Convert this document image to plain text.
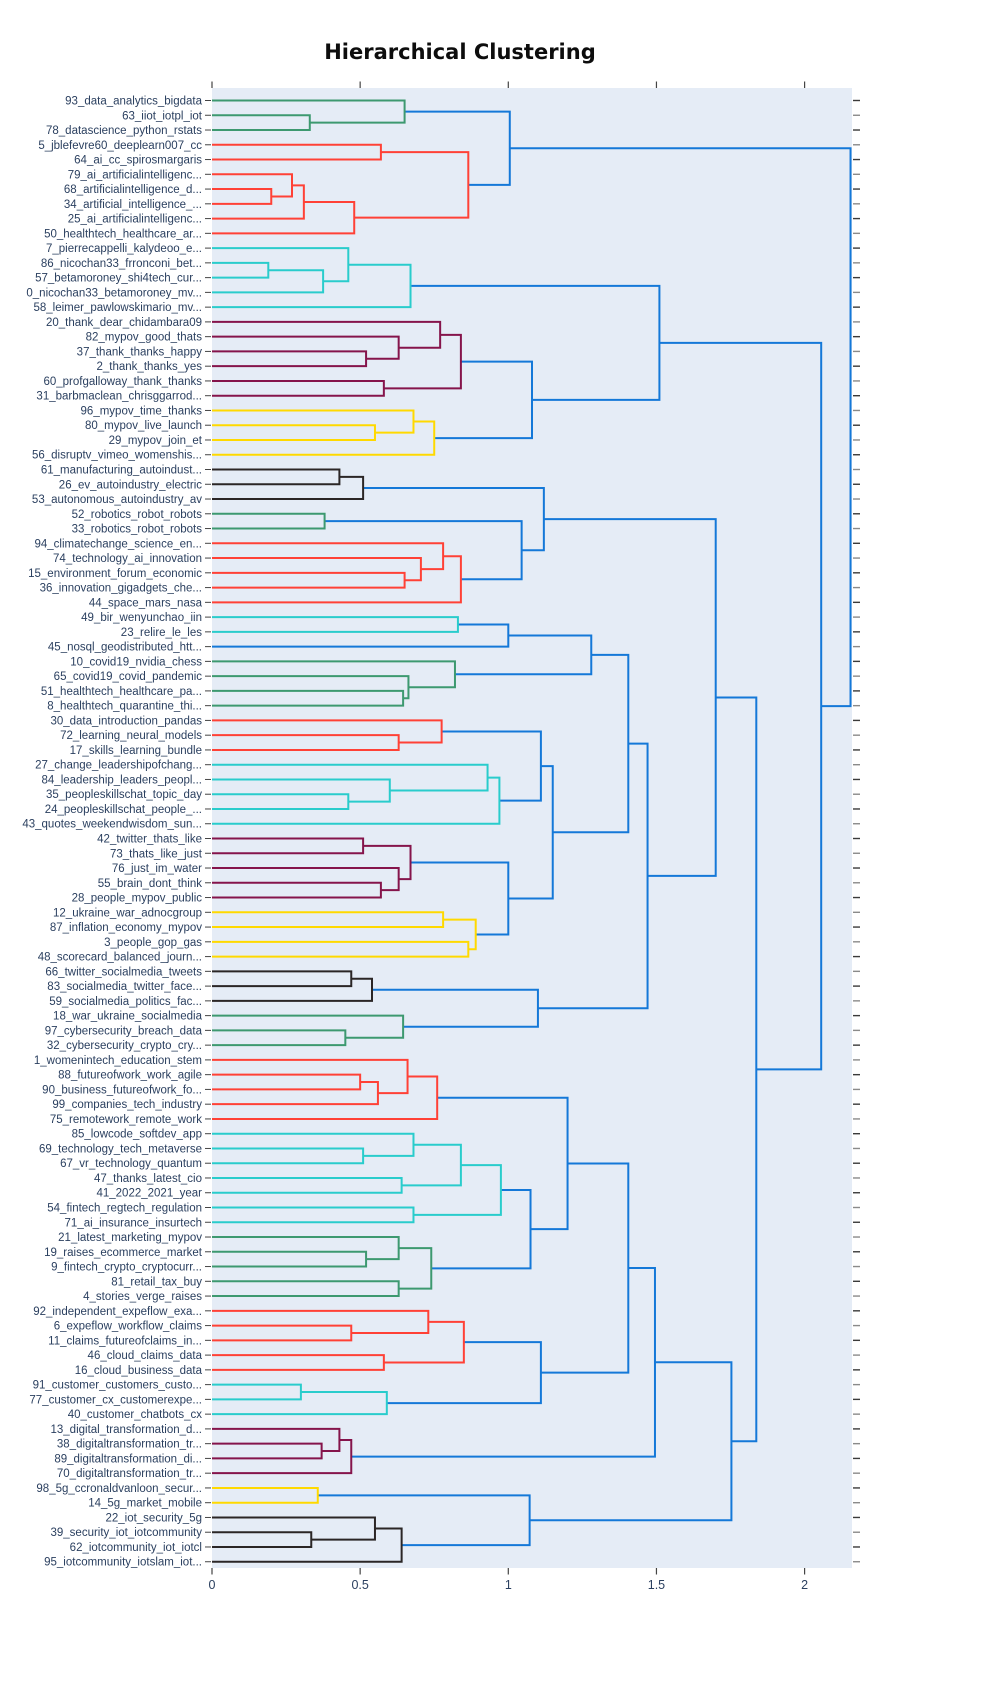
93_data_analytics_bigdata
63_iiot_iotpl_iot
78_datascience_python_rstats
5_jblefevre60_deeplearn007_cc
64_ai_cc_spirosmargaris
79_ai_artificialintelligenc...
68_artificialintelligence_d...
34_artificial_intelligence_...
25_ai_artificialintelligenc...
50_healthtech_healthcare_ar...
7_pierrecappelli_kalydeoo_e...
86_nicochan33_frronconi_bet...
57_betamoroney_shi4tech_cur...
0_nicochan33_betamoroney_mv...
58_leimer_pawlowskimario_mv...
20_thank_dear_chidambara09
82_mypov_good_thats
37_thank_thanks_happy
2_thank_thanks_yes
60_profgalloway_thank_thanks
31_barbmaclean_chrisggarrod...
96_mypov_time_thanks
80_mypov_live_launch
29_mypov_join_et
56_disruptv_vimeo_womenshis...
61_manufacturing_autoindust...
26_ev_autoindustry_electric
53_autonomous_autoindustry_av
52_robotics_robot_robots
33_robotics_robot_robots
94_climatechange_science_en...
74_technology_ai_innovation
15_environment_forum_economic
36_innovation_gigadgets_che...
44_space_mars_nasa
49_bir_wenyunchao_iin
23_relire_le_les
45_nosql_geodistributed_htt...
10_covid19_nvidia_chess
65_covid19_covid_pandemic
51_healthtech_healthcare_pa...
8_healthtech_quarantine_thi...
30_data_introduction_pandas
72_learning_neural_models
17_skills_learning_bundle
27_change_leadershipofchang...
84_leadership_leaders_peopl...
35_peopleskillschat_topic_day
24_peopleskillschat_people_...
43_quotes_weekendwisdom_sun...
42_twitter_thats_like
73_thats_like_just
76_just_im_water
55_brain_dont_think
28_people_mypov_public
12_ukraine_war_adnocgroup
87_inflation_economy_mypov
3_people_gop_gas
48_scorecard_balanced_journ...
66_twitter_socialmedia_tweets
83_socialmedia_twitter_face...
59_socialmedia_politics_fac...
18_war_ukraine_socialmedia
97_cybersecurity_breach_data
32_cybersecurity_crypto_cry...
1_womenintech_education_stem
88_futureofwork_work_agile
90_business_futureofwork_fo...
99_companies_tech_industry
75_remotework_remote_work
85_lowcode_softdev_app
69_technology_tech_metaverse
67_vr_technology_quantum
47_thanks_latest_cio
41_2022_2021_year
54_fintech_regtech_regulation
71_ai_insurance_insurtech
21_latest_marketing_mypov
19_raises_ecommerce_market
9_fintech_crypto_cryptocurr...
81_retail_tax_buy
4_stories_verge_raises
92_independent_expeflow_exa...
6_expeflow_workflow_claims
11_claims_futureofclaims_in...
46_cloud_claims_data
16_cloud_business_data
91_customer_customers_custo...
77_customer_cx_customerexpe...
40_customer_chatbots_cx
13_digital_transformation_d...
38_digitaltransformation_tr...
89_digitaltransformation_di...
70_digitaltransformation_tr...
98_5g_ccronaldvanloon_secur...
14_5g_market_mobile
22_iot_security_5g
39_security_iot_iotcommunity
62_iotcommunity_iot_iotcl
95_iotcommunity_iotslam_iot...
0	0.5	1	1.5	2
Hierarchical Clustering
